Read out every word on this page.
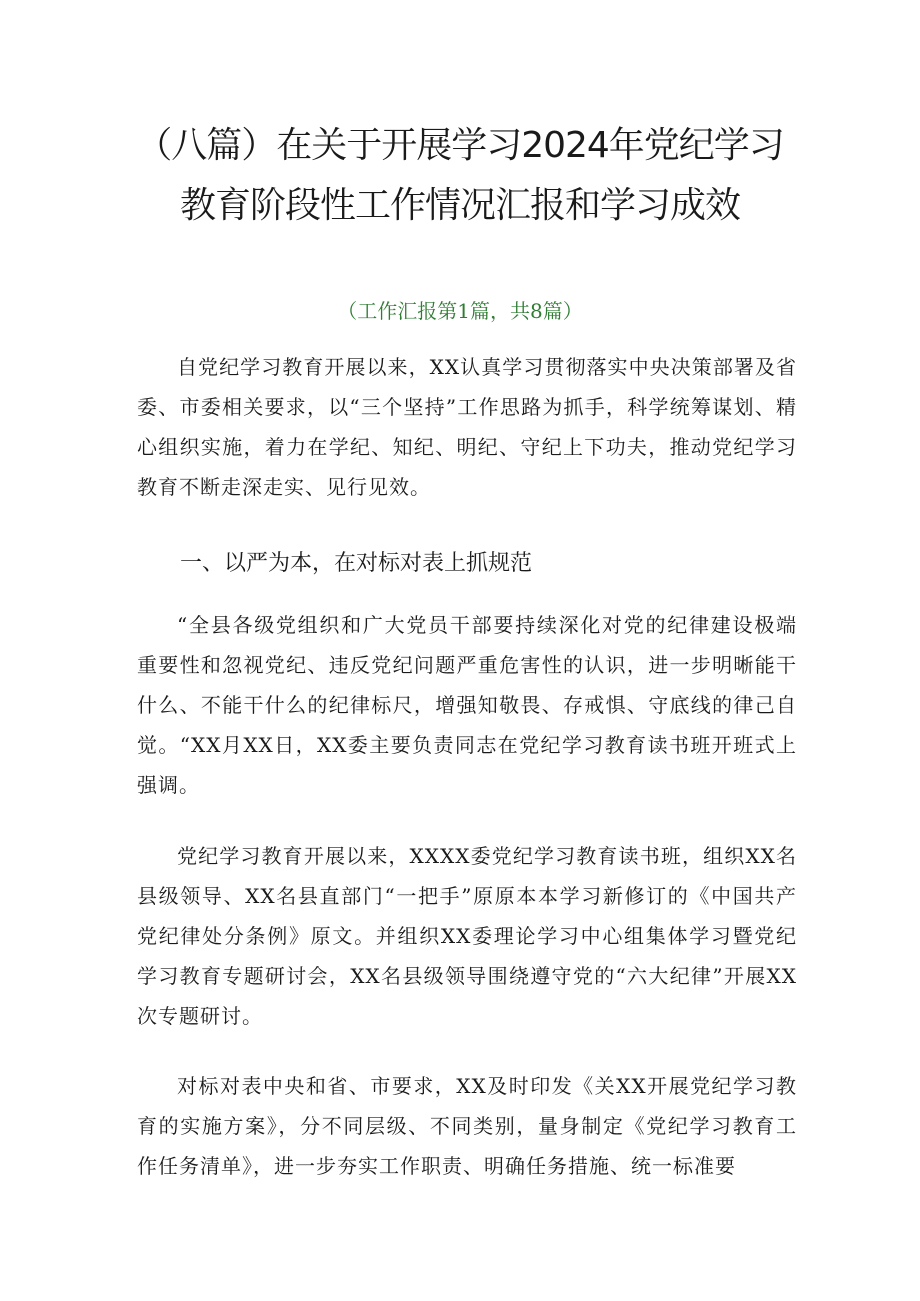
（八篇）在关于开展学习2024年党纪学习
教育阶段性工作情况汇报和学习成效
（工作汇报第1篇，共8篇）

自党纪学习教育开展以来，XX认真学习贯彻落实中央决策部署及省委、市委相关要求，以“三个坚持”工作思路为抓手，科学统筹谋划、精心组织实施，着力在学纪、知纪、明纪、守纪上下功夫，推动党纪学习教育不断走深走实、见行见效。

一、以严为本，在对标对表上抓规范

“全县各级党组织和广大党员干部要持续深化对党的纪律建设极端重要性和忽视党纪、违反党纪问题严重危害性的认识，进一步明晰能干什么、不能干什么的纪律标尺，增强知敬畏、存戒惧、守底线的律己自觉。“XX月XX日，XX委主要负责同志在党纪学习教育读书班开班式上强调。

党纪学习教育开展以来，XXXX委党纪学习教育读书班，组织XX名县级领导、XX名县直部门“一把手”原原本本学习新修订的《中国共产党纪律处分条例》原文。并组织XX委理论学习中心组集体学习暨党纪学习教育专题研讨会，XX名县级领导围绕遵守党的“六大纪律”开展XX次专题研讨。

对标对表中央和省、市要求，XX及时印发《关XX开展党纪学习教育的实施方案》，分不同层级、不同类别，量身制定《党纪学习教育工作任务清单》，进一步夯实工作职责、明确任务措施、统一标准要
